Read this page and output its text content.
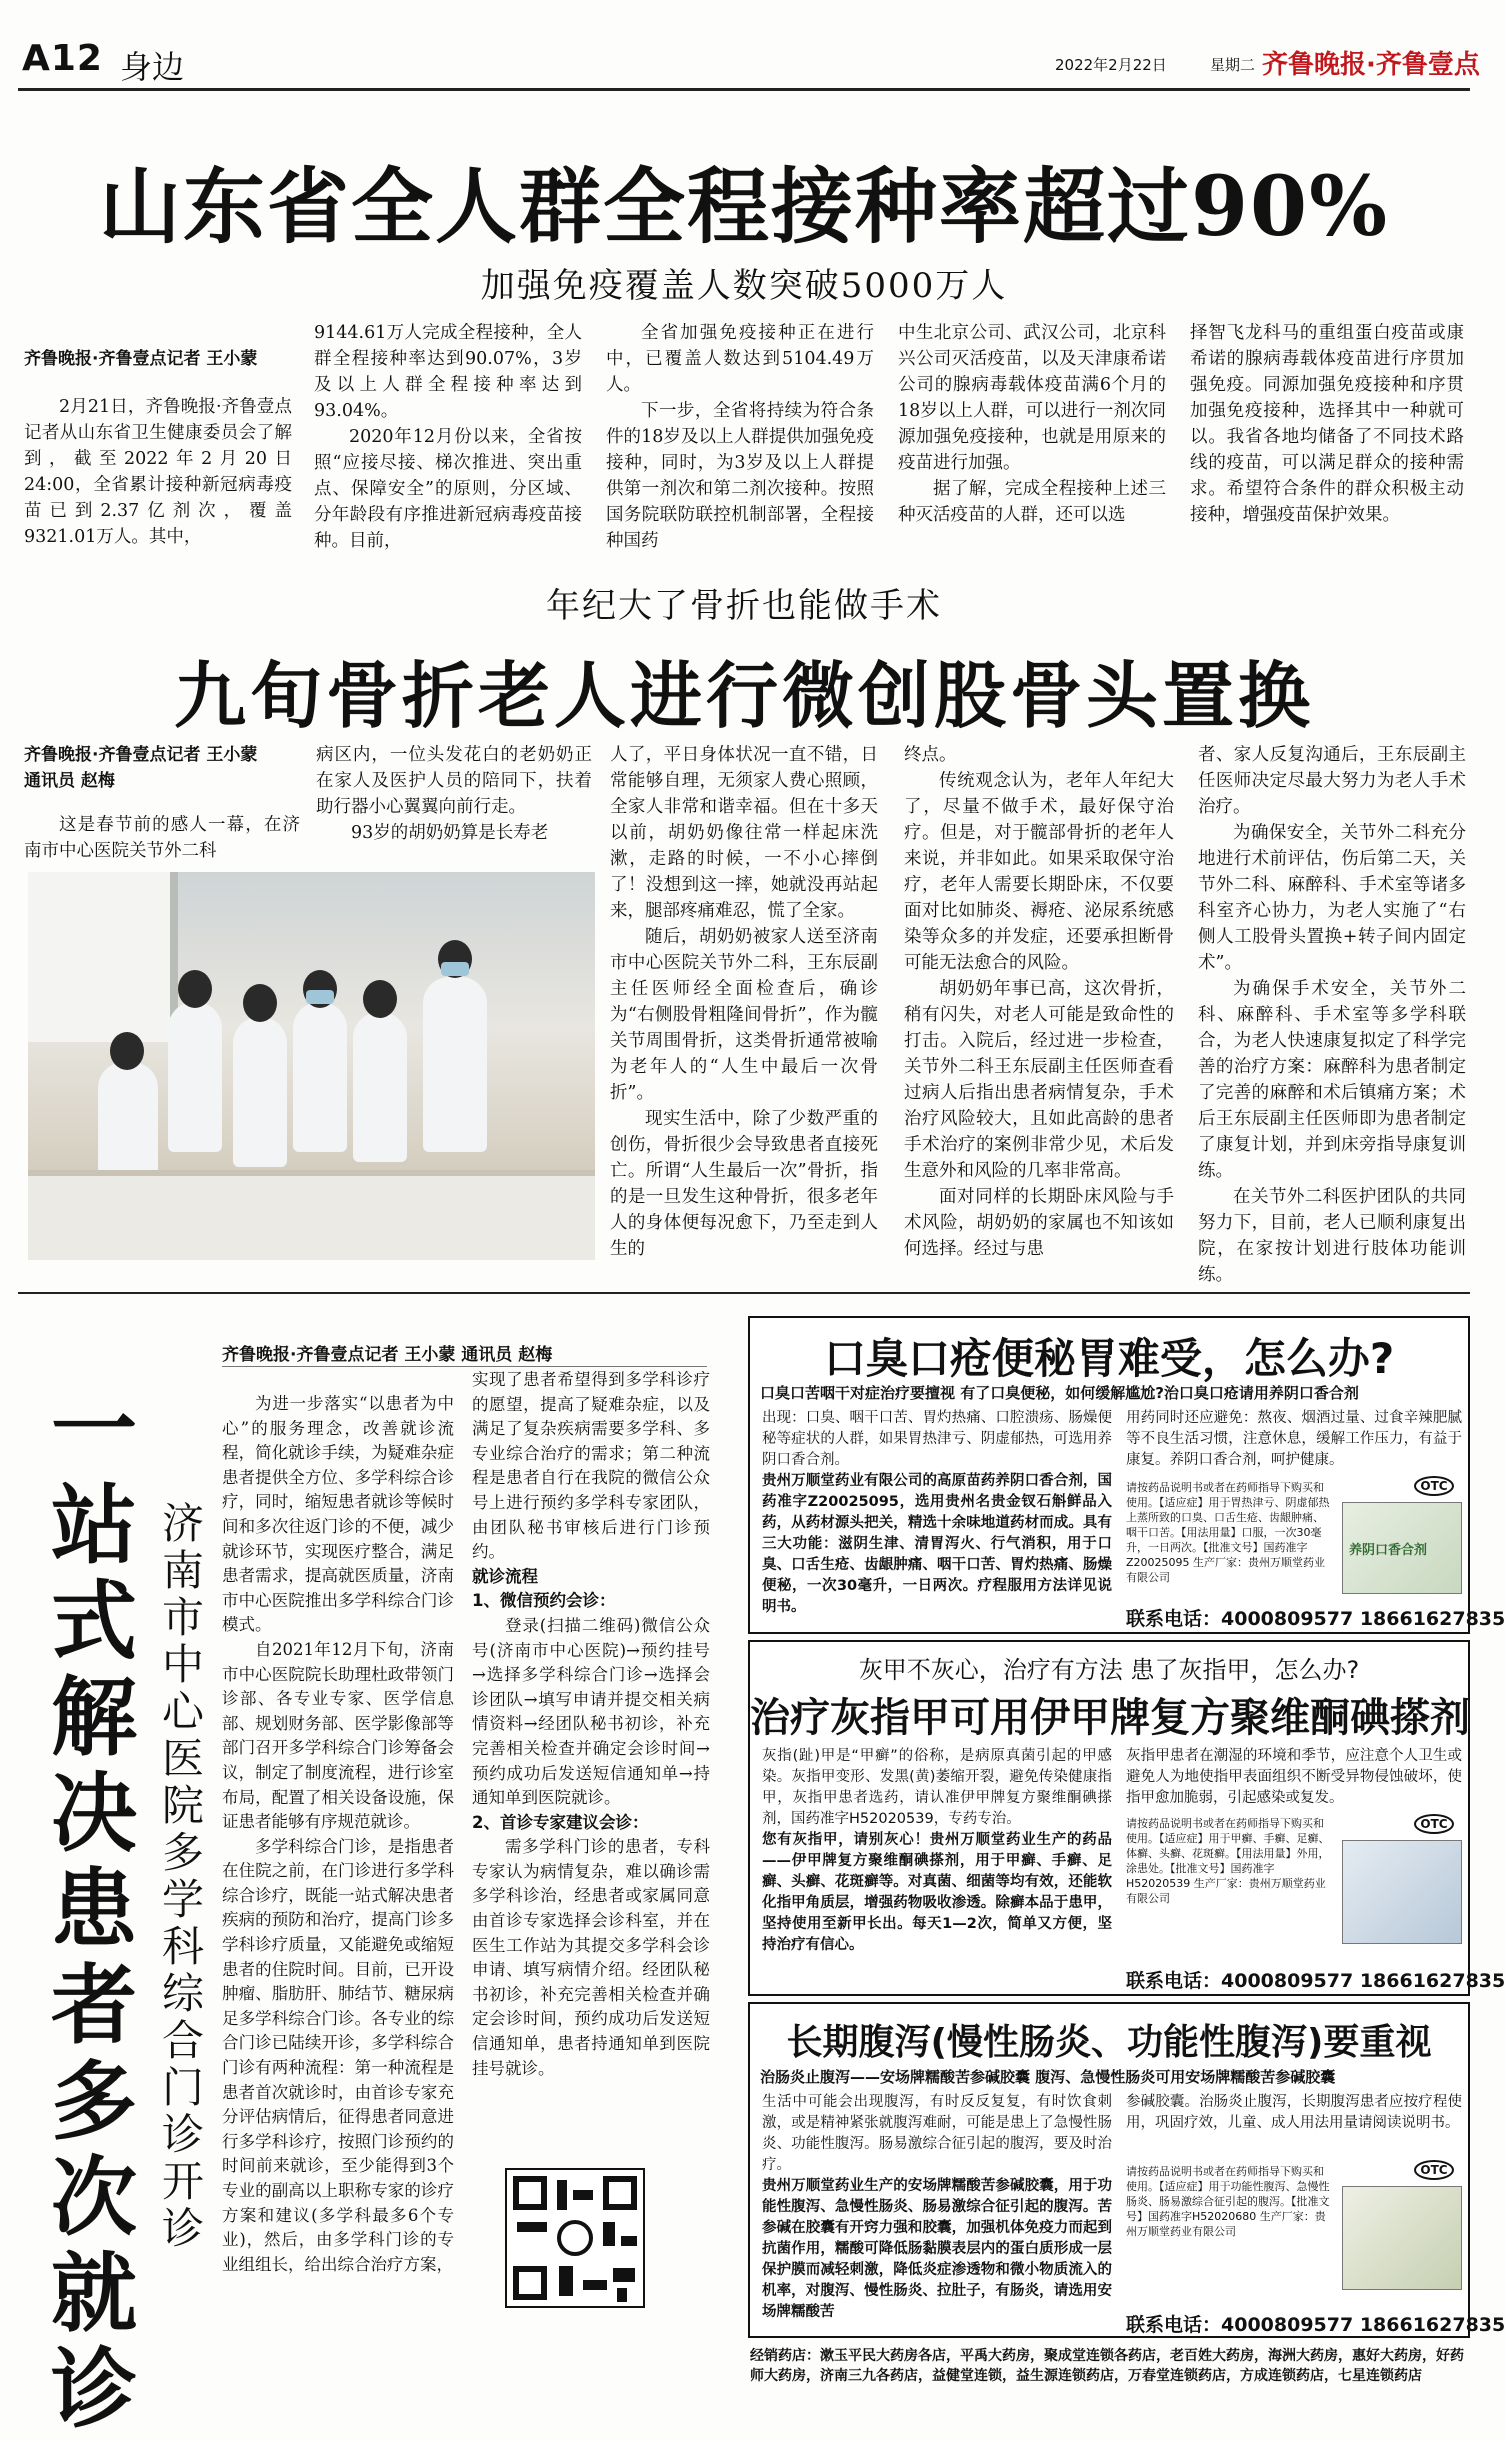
A12 身边	2022年2月22日	星期二 齐鲁晚报·齐鲁壹点
山东省全人群全程接种率超过90%
加强免疫覆盖人数突破5000万人
齐鲁晚报·齐鲁壹点记者 王小蒙

2月21日，齐鲁晚报·齐鲁壹点记者从山东省卫生健康委员会了解到，截至2022年2月20日24:00，全省累计接种新冠病毒疫苗已到2.37亿剂次，覆盖9321.01万人。其中，

9144.61万人完成全程接种，全人群全程接种率达到90.07%，3岁及以上人群全程接种率达到93.04%。

2020年12月份以来，全省按照“应接尽接、梯次推进、突出重点、保障安全”的原则，分区域、分年龄段有序推进新冠病毒疫苗接种。目前，

全省加强免疫接种正在进行中，已覆盖人数达到5104.49万人。

下一步，全省将持续为符合条件的18岁及以上人群提供加强免疫接种，同时，为3岁及以上人群提供第一剂次和第二剂次接种。按照国务院联防联控机制部署，全程接种国药

中生北京公司、武汉公司，北京科兴公司灭活疫苗，以及天津康希诺公司的腺病毒载体疫苗满6个月的18岁以上人群，可以进行一剂次同源加强免疫接种，也就是用原来的疫苗进行加强。

据了解，完成全程接种上述三种灭活疫苗的人群，还可以选

择智飞龙科马的重组蛋白疫苗或康希诺的腺病毒载体疫苗进行序贯加强免疫。同源加强免疫接种和序贯加强免疫接种，选择其中一种就可以。我省各地均储备了不同技术路线的疫苗，可以满足群众的接种需求。希望符合条件的群众积极主动接种，增强疫苗保护效果。

年纪大了骨折也能做手术
九旬骨折老人进行微创股骨头置换
齐鲁晚报·齐鲁壹点记者 王小蒙
通讯员 赵梅

这是春节前的感人一幕，在济南市中心医院关节外二科

病区内，一位头发花白的老奶奶正在家人及医护人员的陪同下，扶着助行器小心翼翼向前行走。

93岁的胡奶奶算是长寿老

人了，平日身体状况一直不错，日常能够自理，无须家人费心照顾，全家人非常和谐幸福。但在十多天以前，胡奶奶像往常一样起床洗漱，走路的时候，一不小心摔倒了！没想到这一摔，她就没再站起来，腿部疼痛难忍，慌了全家。

随后，胡奶奶被家人送至济南市中心医院关节外二科，王东辰副主任医师经全面检查后，确诊为“右侧股骨粗隆间骨折”，作为髋关节周围骨折，这类骨折通常被喻为老年人的“人生中最后一次骨折”。

现实生活中，除了少数严重的创伤，骨折很少会导致患者直接死亡。所谓“人生最后一次”骨折，指的是一旦发生这种骨折，很多老年人的身体便每况愈下，乃至走到人生的

终点。

传统观念认为，老年人年纪大了，尽量不做手术，最好保守治疗。但是，对于髋部骨折的老年人来说，并非如此。如果采取保守治疗，老年人需要长期卧床，不仅要面对比如肺炎、褥疮、泌尿系统感染等众多的并发症，还要承担断骨可能无法愈合的风险。

胡奶奶年事已高，这次骨折，稍有闪失，对老人可能是致命性的打击。入院后，经过进一步检查，关节外二科王东辰副主任医师查看过病人后指出患者病情复杂，手术治疗风险较大，且如此高龄的患者手术治疗的案例非常少见，术后发生意外和风险的几率非常高。

面对同样的长期卧床风险与手术风险，胡奶奶的家属也不知该如何选择。经过与患

者、家人反复沟通后，王东辰副主任医师决定尽最大努力为老人手术治疗。

为确保安全，关节外二科充分地进行术前评估，伤后第二天，关节外二科、麻醉科、手术室等诸多科室齐心协力，为老人实施了“右侧人工股骨头置换+转子间内固定术”。

为确保手术安全，关节外二科、麻醉科、手术室等多学科联合，为老人快速康复拟定了科学完善的治疗方案：麻醉科为患者制定了完善的麻醉和术后镇痛方案；术后王东辰副主任医师即为患者制定了康复计划，并到床旁指导康复训练。

在关节外二科医护团队的共同努力下，目前，老人已顺利康复出院，在家按计划进行肢体功能训练。

一站式解决患者多次就诊
济南市中心医院多学科综合门诊开诊
齐鲁晚报·齐鲁壹点记者 王小蒙 通讯员 赵梅

为进一步落实“以患者为中心”的服务理念，改善就诊流程，简化就诊手续，为疑难杂症患者提供全方位、多学科综合诊疗，同时，缩短患者就诊等候时间和多次往返门诊的不便，减少就诊环节，实现医疗整合，满足患者需求，提高就医质量，济南市中心医院推出多学科综合门诊模式。

自2021年12月下旬，济南市中心医院院长助理杜政带领门诊部、各专业专家、医学信息部、规划财务部、医学影像部等部门召开多学科综合门诊筹备会议，制定了制度流程，进行诊室布局，配置了相关设备设施，保证患者能够有序规范就诊。

多学科综合门诊，是指患者在住院之前，在门诊进行多学科综合诊疗，既能一站式解决患者疾病的预防和治疗，提高门诊多学科诊疗质量，又能避免或缩短患者的住院时间。目前，已开设肿瘤、脂肪肝、肺结节、糖尿病足多学科综合门诊。各专业的综合门诊已陆续开诊，多学科综合门诊有两种流程：第一种流程是患者首次就诊时，由首诊专家充分评估病情后，征得患者同意进行多学科诊疗，按照门诊预约的时间前来就诊，至少能得到3个专业的副高以上职称专家的诊疗方案和建议(多学科最多6个专业)，然后，由多学科门诊的专业组组长，给出综合治疗方案，

实现了患者希望得到多学科诊疗的愿望，提高了疑难杂症，以及满足了复杂疾病需要多学科、多专业综合治疗的需求；第二种流程是患者自行在我院的微信公众号上进行预约多学科专家团队，由团队秘书审核后进行门诊预约。

就诊流程

1、微信预约会诊：

登录(扫描二维码)微信公众号(济南市中心医院)→预约挂号→选择多学科综合门诊→选择会诊团队→填写申请并提交相关病情资料→经团队秘书初诊，补充完善相关检查并确定会诊时间→预约成功后发送短信通知单→持通知单到医院就诊。

2、首诊专家建议会诊：

需多学科门诊的患者，专科专家认为病情复杂，难以确诊需多学科诊治，经患者或家属同意由首诊专家选择会诊科室，并在医生工作站为其提交多学科会诊申请、填写病情介绍。经团队秘书初诊，补充完善相关检查并确定会诊时间，预约成功后发送短信通知单，患者持通知单到医院挂号就诊。

口臭口疮便秘胃难受，怎么办?
口臭口苦咽干对症治疗要擅视 有了口臭便秘，如何缓解尴尬?治口臭口疮请用养阴口香合剂

出现：口臭、咽干口苦、胃灼热痛、口腔溃疡、肠燥便秘等症状的人群，如果胃热津亏、阴虚郁热，可选用养阴口香合剂。

贵州万顺堂药业有限公司的高原苗药养阴口香合剂，国药准字Z20025095，选用贵州名贵金钗石斛鲜品入药，从药材源头把关，精选十余味地道药材而成。具有三大功能：滋阴生津、清胃泻火、行气消积，用于口臭、口舌生疮、齿龈肿痛、咽干口苦、胃灼热痛、肠燥便秘，一次30毫升，一日两次。疗程服用方法详见说明书。

用药同时还应避免：熬夜、烟酒过量、过食辛辣肥腻等不良生活习惯，注意休息，缓解工作压力，有益于康复。养阴口香合剂，呵护健康。
请按药品说明书或者在药师指导下购买和使用。【适应症】用于胃热津亏、阴虚郁热上蒸所致的口臭、口舌生疮、齿龈肿痛、咽干口苦。【用法用量】口服，一次30毫升，一日两次。【批准文号】国药准字Z20025095 生产厂家：贵州万顺堂药业有限公司
OTC
养阴口香合剂
联系电话：4000809577 18661627835
灰甲不灰心，治疗有方法 患了灰指甲，怎么办?
治疗灰指甲可用伊甲牌复方聚维酮碘搽剂

灰指(趾)甲是“甲癣”的俗称，是病原真菌引起的甲感染。灰指甲变形、发黑(黄)萎缩开裂，避免传染健康指甲，灰指甲患者选药，请认准伊甲牌复方聚维酮碘搽剂，国药准字H52020539，专药专治。

您有灰指甲，请别灰心！贵州万顺堂药业生产的药品——伊甲牌复方聚维酮碘搽剂，用于甲癣、手癣、足癣、头癣、花斑癣等。对真菌、细菌等均有效，还能软化指甲角质层，增强药物吸收渗透。除癣本品于患甲，坚持使用至新甲长出。每天1—2次，简单又方便，坚持治疗有信心。

灰指甲患者在潮湿的环境和季节，应注意个人卫生或避免人为地使指甲表面组织不断受异物侵蚀破坏，使指甲愈加脆弱，引起感染或复发。
请按药品说明书或者在药师指导下购买和使用。【适应症】用于甲癣、手癣、足癣、体癣、头癣、花斑癣。【用法用量】外用，涂患处。【批准文号】国药准字H52020539 生产厂家：贵州万顺堂药业有限公司
OTC
联系电话：4000809577 18661627835
长期腹泻(慢性肠炎、功能性腹泻)要重视
治肠炎止腹泻——安场牌糯酸苦参碱胶囊 腹泻、急慢性肠炎可用安场牌糯酸苦参碱胶囊

生活中可能会出现腹泻，有时反反复复，有时饮食刺激，或是精神紧张就腹泻难耐，可能是患上了急慢性肠炎、功能性腹泻。肠易激综合征引起的腹泻，要及时治疗。

贵州万顺堂药业生产的安场牌糯酸苦参碱胶囊，用于功能性腹泻、急慢性肠炎、肠易激综合征引起的腹泻。苦参碱在胶囊有开窍力强和胶囊，加强机体免疫力而起到抗菌作用，糯酸可降低肠黏膜表层内的蛋白质形成一层保护膜而减轻刺激，降低炎症渗透物和微小物质流入的机率，对腹泻、慢性肠炎、拉肚子，有肠炎，请选用安场牌糯酸苦

参碱胶囊。治肠炎止腹泻，长期腹泻患者应按疗程使用，巩固疗效，儿童、成人用法用量请阅读说明书。
请按药品说明书或者在药师指导下购买和使用。【适应症】用于功能性腹泻、急慢性肠炎、肠易激综合征引起的腹泻。【批准文号】国药准字H52020680 生产厂家：贵州万顺堂药业有限公司
OTC
联系电话：4000809577 18661627835
经销药店：漱玉平民大药房各店，平禹大药房，聚成堂连锁各药店，老百姓大药房，海洲大药房，惠好大药房，好药师大药房，济南三九各药店，益健堂连锁，益生源连锁药店，万春堂连锁药店，方成连锁药店，七星连锁药店
